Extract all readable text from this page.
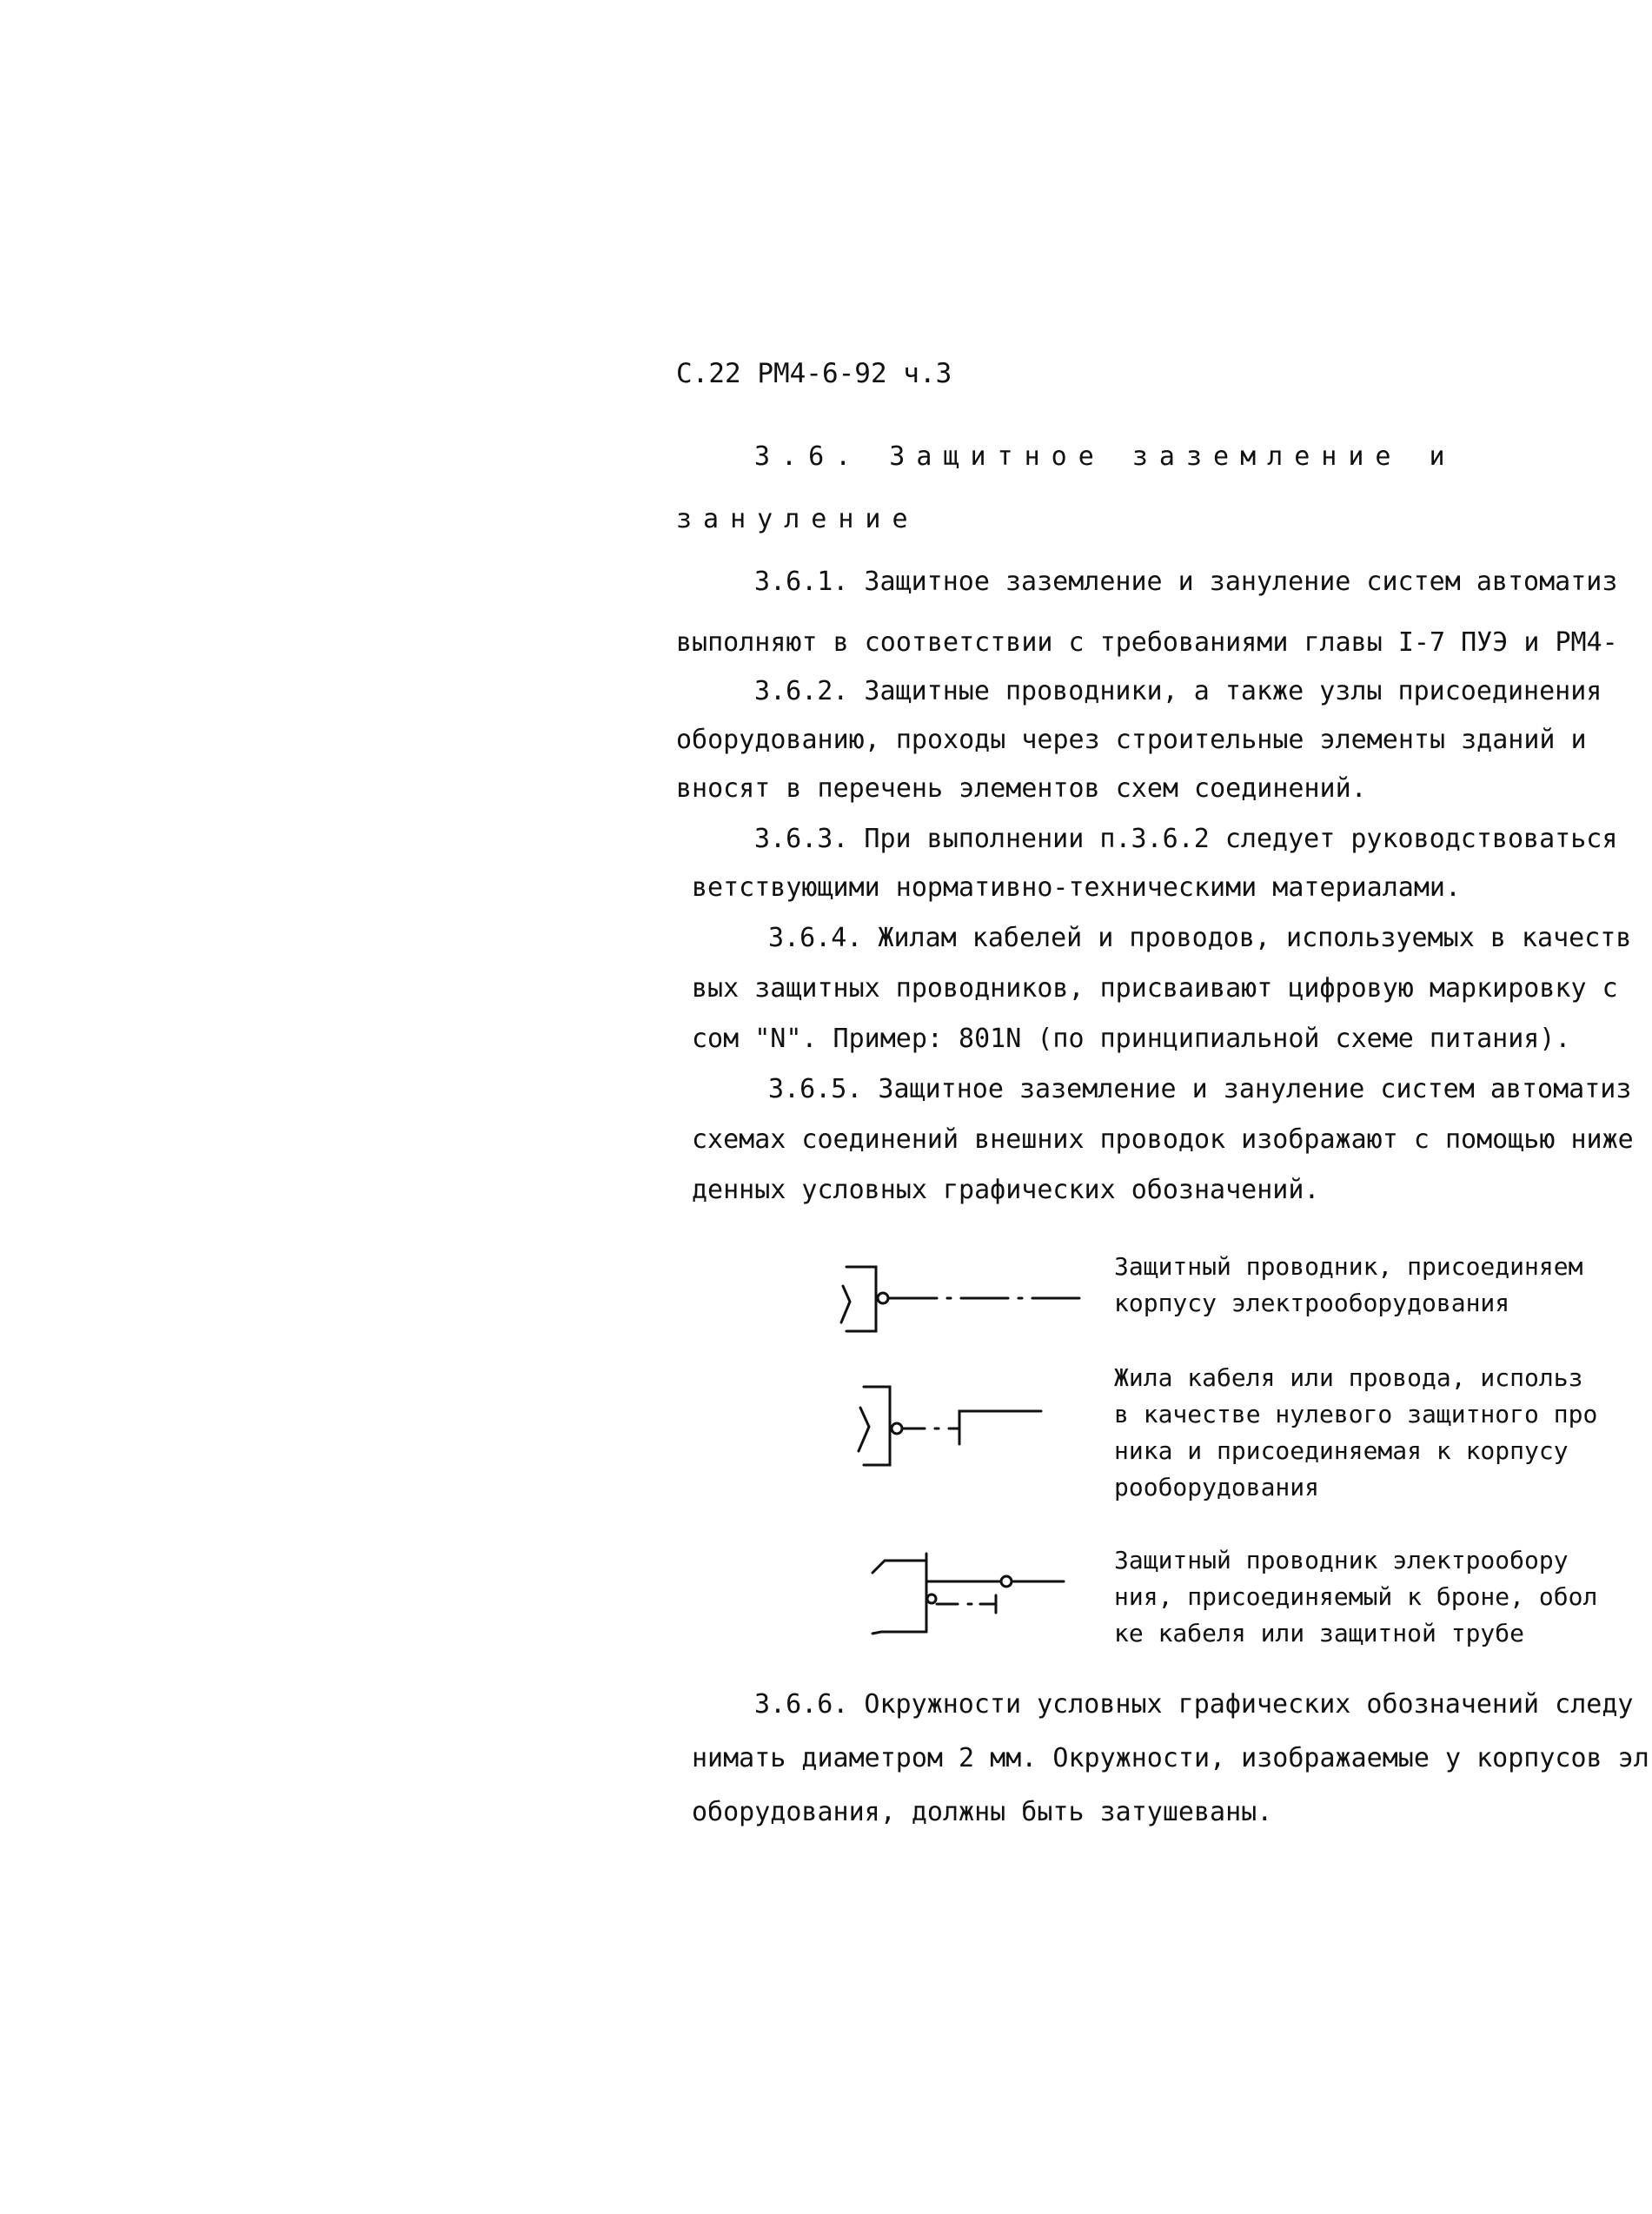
С.22 РМ4-6-92 ч.3
3.6. Защитное заземление и
зануление
3.6.1. Защитное заземление и зануление систем автоматиз
выполняют в соответствии с требованиями главы I-7 ПУЭ и РМ4-
3.6.2. Защитные проводники, а также узлы присоединения
оборудованию, проходы через строительные элементы зданий и
вносят в перечень элементов схем соединений.
3.6.3. При выполнении п.3.6.2 следует руководствоваться
ветствующими нормативно-техническими материалами.
3.6.4. Жилам кабелей и проводов, используемых в качеств
вых защитных проводников, присваивают цифровую маркировку с
сом "N". Пример: 801N (по принципиальной схеме питания).
3.6.5. Защитное заземление и зануление систем автоматиз
схемах соединений внешних проводок изображают с помощью ниже
денных условных графических обозначений.
Защитный проводник, присоединяем
корпусу электрооборудования
Жила кабеля или провода, использ
в качестве нулевого защитного про
ника и присоединяемая к корпусу
рооборудования
Защитный проводник электрообору
ния, присоединяемый к броне, обол
ке кабеля или защитной трубе
3.6.6. Окружности условных графических обозначений следу
нимать диаметром 2 мм. Окружности, изображаемые у корпусов эл
оборудования, должны быть затушеваны.
